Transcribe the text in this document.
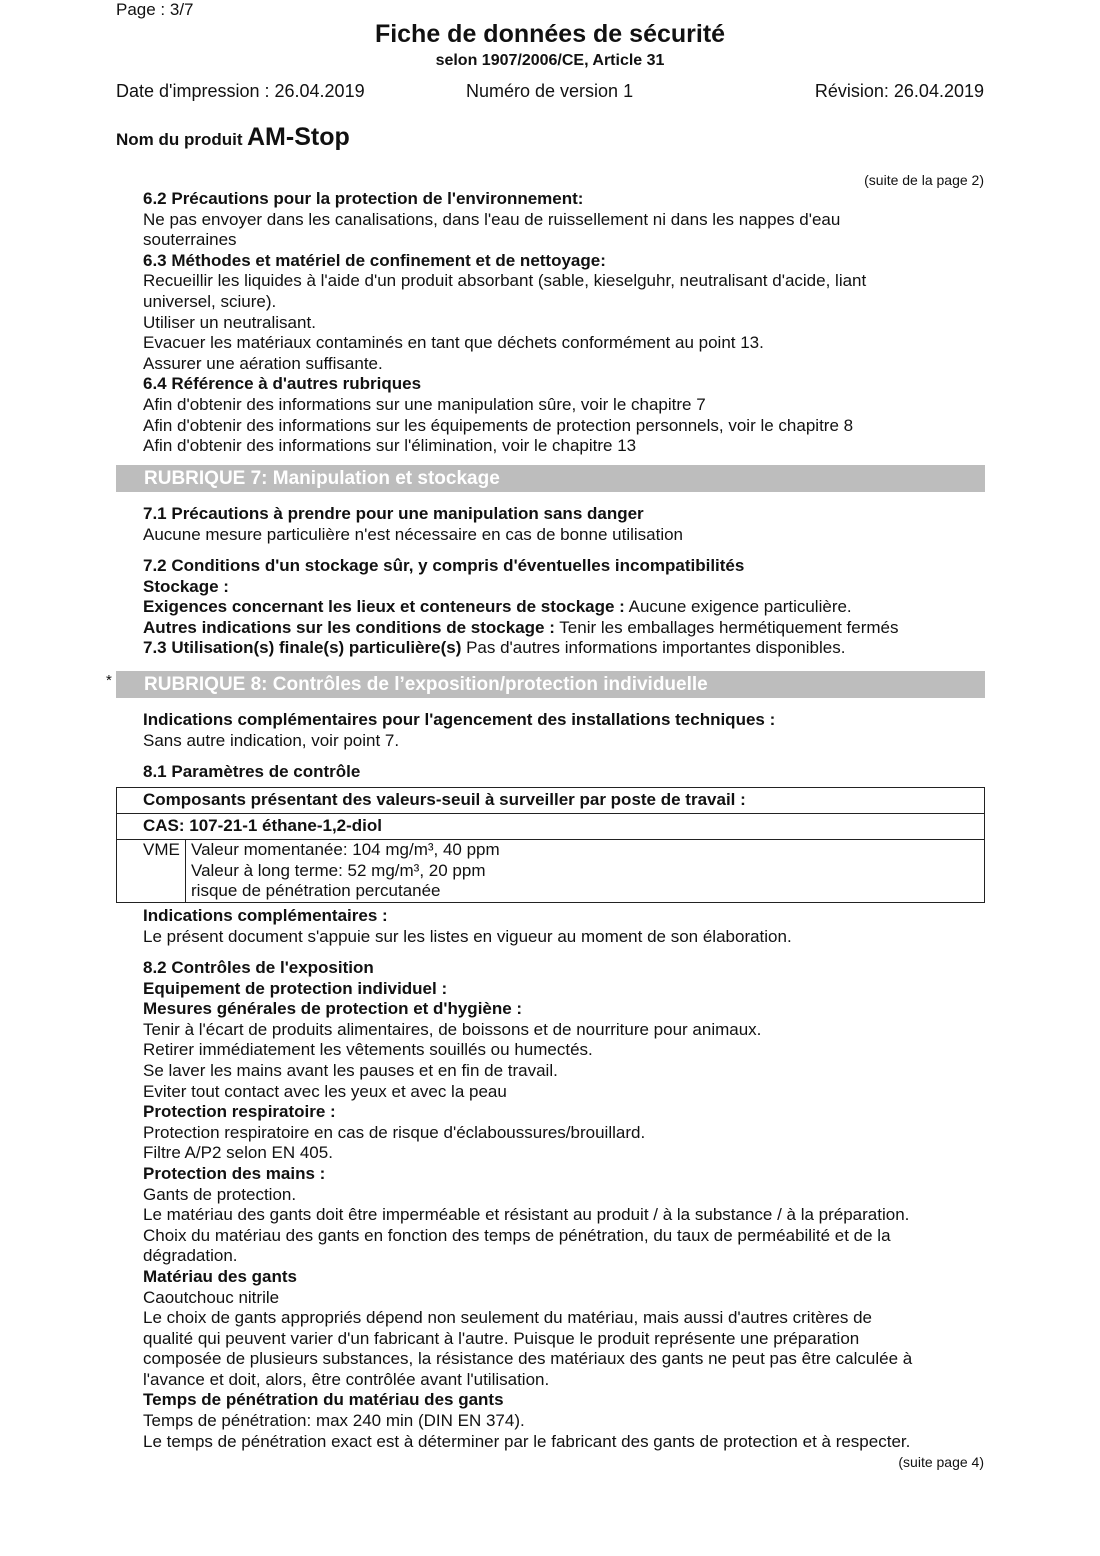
Page : 3/7
Fiche de données de sécurité
selon 1907/2006/CE, Article 31
Date d'impression : 26.04.2019	Numéro de version 1	Révision: 26.04.2019
Nom du produit AM-Stop
(suite de la page 2)
6.2 Précautions pour la protection de l'environnement:
Ne pas envoyer dans les canalisations, dans l'eau de ruissellement ni dans les nappes d'eau
souterraines
6.3 Méthodes et matériel de confinement et de nettoyage:
Recueillir les liquides à l'aide d'un produit absorbant (sable, kieselguhr, neutralisant d'acide, liant
universel, sciure).
Utiliser un neutralisant.
Evacuer les matériaux contaminés en tant que déchets conformément au point 13.
Assurer une aération suffisante.
6.4 Référence à d'autres rubriques
Afin d'obtenir des informations sur une manipulation sûre, voir le chapitre 7
Afin d'obtenir des informations sur les équipements de protection personnels, voir le chapitre 8
Afin d'obtenir des informations sur l'élimination, voir le chapitre 13
RUBRIQUE 7: Manipulation et stockage
7.1 Précautions à prendre pour une manipulation sans danger
Aucune mesure particulière n'est nécessaire en cas de bonne utilisation
7.2 Conditions d'un stockage sûr, y compris d'éventuelles incompatibilités
Stockage :
Exigences concernant les lieux et conteneurs de stockage : Aucune exigence particulière.
Autres indications sur les conditions de stockage : Tenir les emballages hermétiquement fermés
7.3 Utilisation(s) finale(s) particulière(s) Pas d'autres informations importantes disponibles.
*	RUBRIQUE 8: Contrôles de l’exposition/protection individuelle
Indications complémentaires pour l'agencement des installations techniques :
Sans autre indication, voir point 7.
8.1 Paramètres de contrôle
Composants présentant des valeurs-seuil à surveiller par poste de travail :
CAS: 107-21-1 éthane-1,2-diol
VME Valeur momentanée: 104 mg/m³, 40 ppm
Valeur à long terme: 52 mg/m³, 20 ppm
risque de pénétration percutanée
Indications complémentaires :
Le présent document s'appuie sur les listes en vigueur au moment de son élaboration.
8.2 Contrôles de l'exposition
Equipement de protection individuel :
Mesures générales de protection et d'hygiène :
Tenir à l'écart de produits alimentaires, de boissons et de nourriture pour animaux.
Retirer immédiatement les vêtements souillés ou humectés.
Se laver les mains avant les pauses et en fin de travail.
Eviter tout contact avec les yeux et avec la peau
Protection respiratoire :
Protection respiratoire en cas de risque d'éclaboussures/brouillard.
Filtre A/P2 selon EN 405.
Protection des mains :
Gants de protection.
Le matériau des gants doit être imperméable et résistant au produit / à la substance / à la préparation.
Choix du matériau des gants en fonction des temps de pénétration, du taux de perméabilité et de la
dégradation.
Matériau des gants
Caoutchouc nitrile
Le choix de gants appropriés dépend non seulement du matériau, mais aussi d'autres critères de
qualité qui peuvent varier d'un fabricant à l'autre. Puisque le produit représente une préparation
composée de plusieurs substances, la résistance des matériaux des gants ne peut pas être calculée à
l'avance et doit, alors, être contrôlée avant l'utilisation.
Temps de pénétration du matériau des gants
Temps de pénétration: max 240 min (DIN EN 374).
Le temps de pénétration exact est à déterminer par le fabricant des gants de protection et à respecter.
(suite page 4)
